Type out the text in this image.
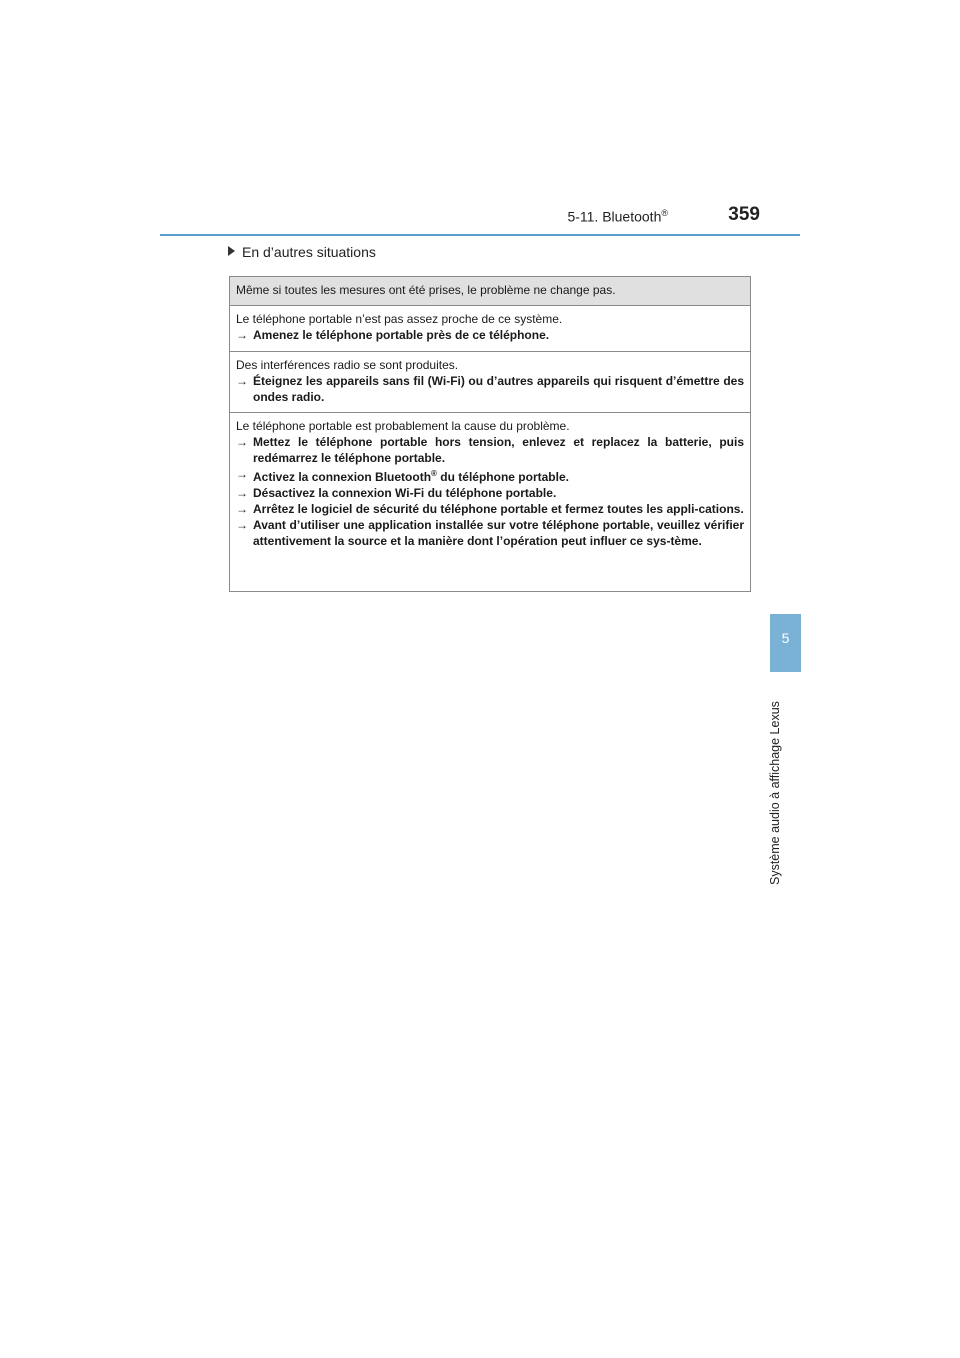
5-11. Bluetooth®	359
5
Système audio à affichage Lexus
En d’autres situations
Même si toutes les mesures ont été prises, le problème ne change pas.
Le téléphone portable n’est pas assez proche de ce système.
→ Amenez le téléphone portable près de ce téléphone.
Des interférences radio se sont produites.
→ Éteignez les appareils sans fil (Wi-Fi) ou d’autres appareils qui risquent d’émettre des ondes radio.
Le téléphone portable est probablement la cause du problème.
→ Mettez le téléphone portable hors tension, enlevez et replacez la batterie, puis redémarrez le téléphone portable.
→ Activez la connexion Bluetooth® du téléphone portable.
→ Désactivez la connexion Wi-Fi du téléphone portable.
→ Arrêtez le logiciel de sécurité du téléphone portable et fermez toutes les appli-cations.
→ Avant d’utiliser une application installée sur votre téléphone portable, veuillez vérifier attentivement la source et la manière dont l’opération peut influer ce sys-tème.
